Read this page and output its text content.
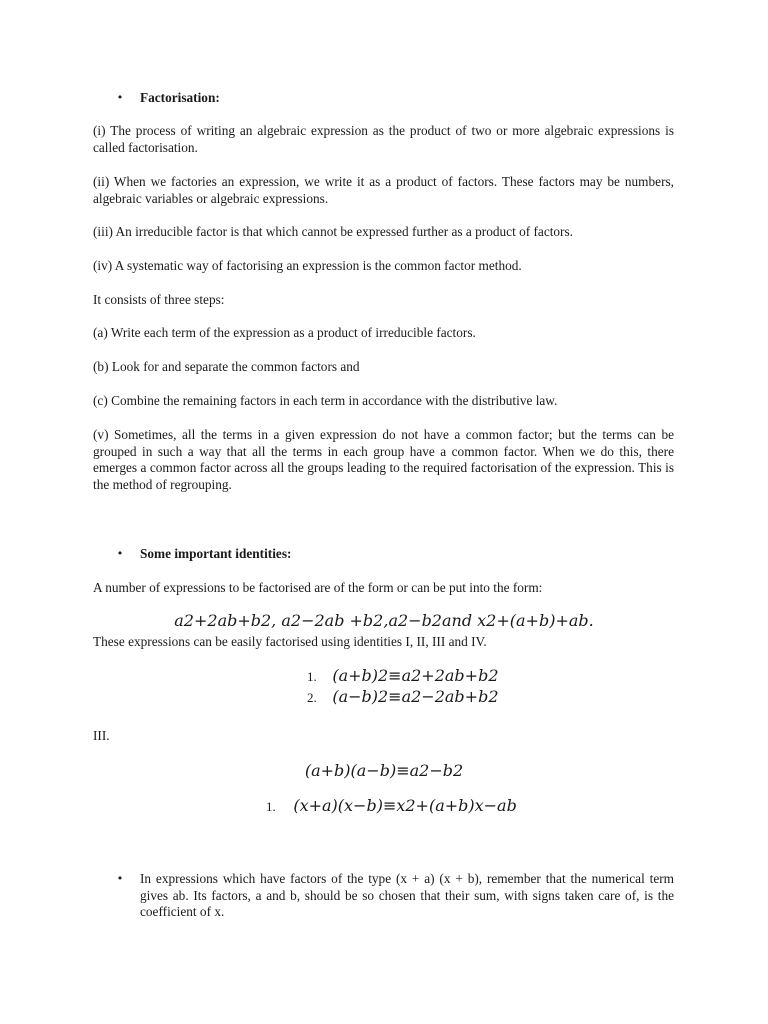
• Factorisation:

(i) The process of writing an algebraic expression as the product of two or more algebraic expressions is called factorisation.

(ii) When we factories an expression, we write it as a product of factors. These factors may be numbers, algebraic variables or algebraic expressions.

(iii) An irreducible factor is that which cannot be expressed further as a product of factors.

(iv) A systematic way of factorising an expression is the common factor method.

It consists of three steps:

(a) Write each term of the expression as a product of irreducible factors.

(b) Look for and separate the common factors and

(c) Combine the remaining factors in each term in accordance with the distributive law.

(v) Sometimes, all the terms in a given expression do not have a common factor; but the terms can be grouped in such a way that all the terms in each group have a common factor. When we do this, there emerges a common factor across all the groups leading to the required factorisation of the expression. This is the method of regrouping.

• Some important identities:

A number of expressions to be factorised are of the form or can be put into the form:

a2+2ab+b2, a2−2ab +b2,a2−b2and x2+(a+b)+ab.

These expressions can be easily factorised using identities I, II, III and IV.

1. (a+b)2≡a2+2ab+b2
2. (a−b)2≡a2−2ab+b2

III.

(a+b)(a−b)≡a2−b2
1. (x+a)(x−b)≡x2+(a+b)x−ab
• In expressions which have factors of the type (x + a) (x + b), remember that the numerical term gives ab. Its factors, a and b, should be so chosen that their sum, with signs taken care of, is the coefficient of x.
